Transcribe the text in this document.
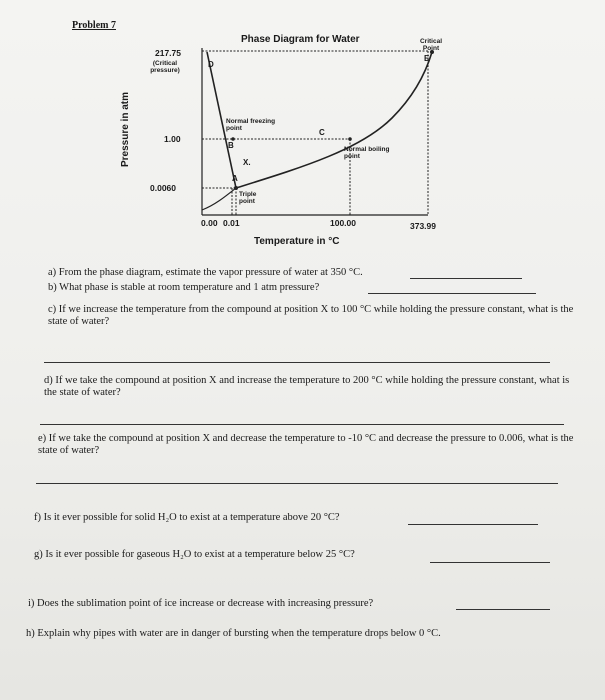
Problem 7
Phase Diagram for Water
217.75
(Critical pressure)
1.00
0.0060
Pressure in atm
0.00 0.01	100.00	373.99
Temperature in °C
Critical Point
D
E
Normal freezing point
B
C
Normal boiling point
X.
A
Triple point
a) From the phase diagram, estimate the vapor pressure of water at 350 °C.
b) What phase is stable at room temperature and 1 atm pressure?
c) If we increase the temperature from the compound at position X to 100 °C while holding the pressure constant, what is the state of water?
d) If we take the compound at position X and increase the temperature to 200 °C while holding the pressure constant, what is the state of water?
e) If we take the compound at position X and decrease the temperature to -10 °C and decrease the pressure to 0.006, what is the state of water?
f) Is it ever possible for solid H₂O to exist at a temperature above 20 °C?
g) Is it ever possible for gaseous H₂O to exist at a temperature below 25 °C?
i) Does the sublimation point of ice increase or decrease with increasing pressure?
h) Explain why pipes with water are in danger of bursting when the temperature drops below 0 °C.
